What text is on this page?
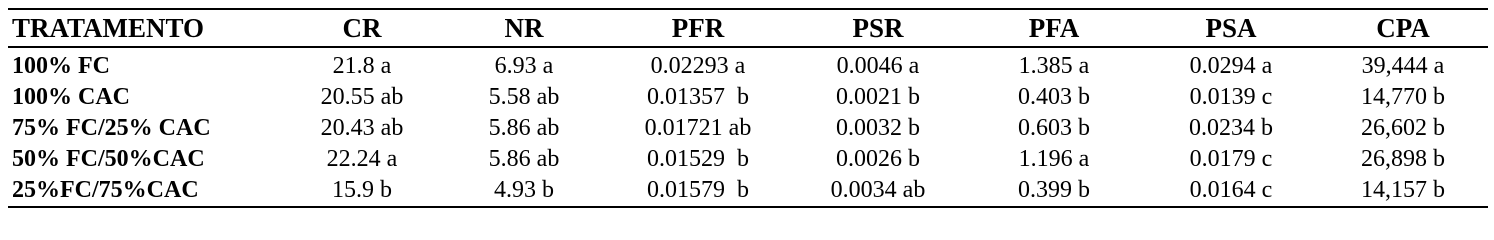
TRATAMENTO	CR	NR	PFR	PSR	PFA	PSA	CPA
100% FC	21.8 a	6.93 a	0.02293 a	0.0046 a	1.385 a	0.0294 a	39,444 a
100% CAC	20.55 ab	5.58 ab	0.01357  b	0.0021 b	0.403 b	0.0139 c	14,770 b
75% FC/25% CAC	20.43 ab	5.86 ab	0.01721 ab	0.0032 b	0.603 b	0.0234 b	26,602 b
50% FC/50%CAC	22.24 a	5.86 ab	0.01529  b	0.0026 b	1.196 a	0.0179 c	26,898 b
25%FC/75%CAC	15.9 b	4.93 b	0.01579  b	0.0034 ab	0.399 b	0.0164 c	14,157 b
